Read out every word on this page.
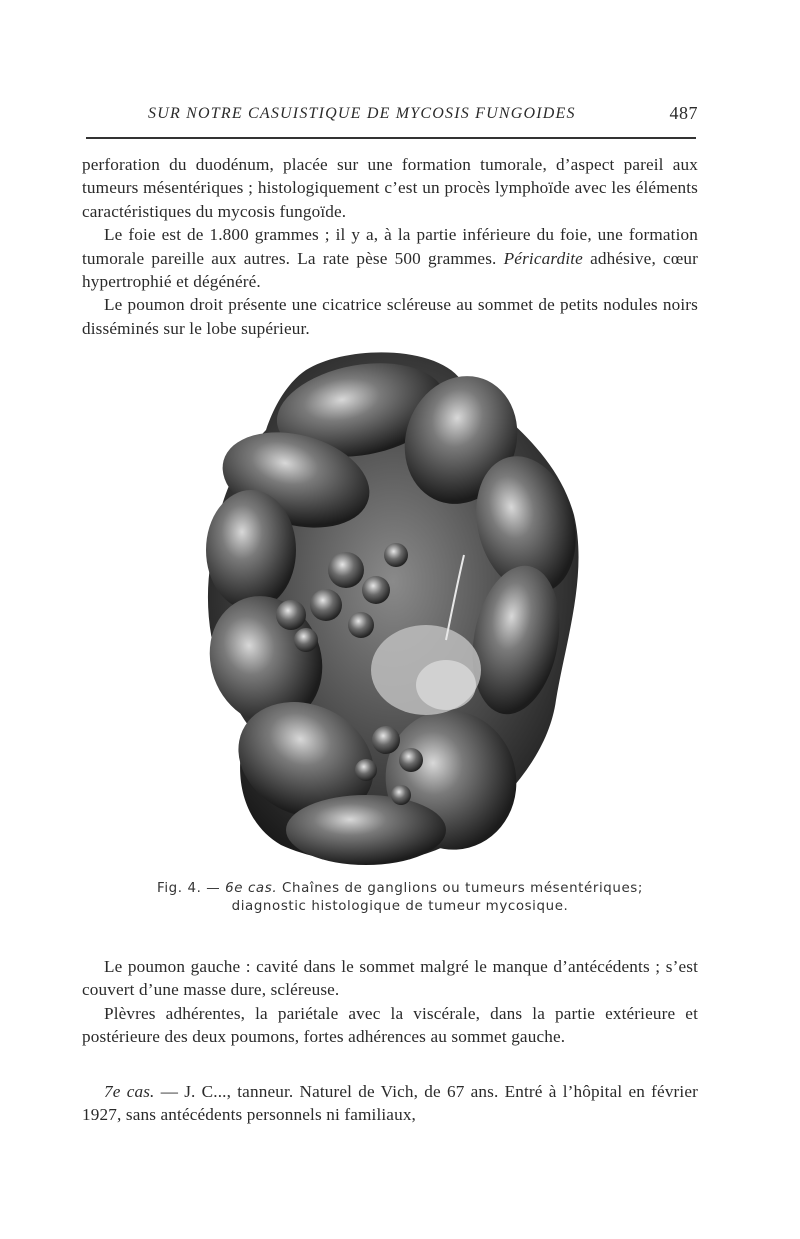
SUR NOTRE CASUISTIQUE DE MYCOSIS FUNGOIDES	487

perforation du duodénum, placée sur une formation tumorale, d’aspect pareil aux tumeurs mésentériques ; histologiquement c’est un procès lymphoïde avec les éléments caractéristiques du mycosis fungoïde.

Le foie est de 1.800 grammes ; il y a, à la partie inférieure du foie, une formation tumorale pareille aux autres. La rate pèse 500 grammes. Péricardite adhésive, cœur hypertrophié et dégénéré.

Le poumon droit présente une cicatrice scléreuse au sommet de petits nodules noirs disséminés sur le lobe supérieur.

Fig. 4. — 6e cas. Chaînes de ganglions ou tumeurs mésentériques;
diagnostic histologique de tumeur mycosique.

Le poumon gauche : cavité dans le sommet malgré le manque d’antécédents ; s’est couvert d’une masse dure, scléreuse.

Plèvres adhérentes, la pariétale avec la viscérale, dans la partie extérieure et postérieure des deux poumons, fortes adhérences au sommet gauche.

7e cas. — J. C..., tanneur. Naturel de Vich, de 67 ans. Entré à l’hôpital en février 1927, sans antécédents personnels ni familiaux,
